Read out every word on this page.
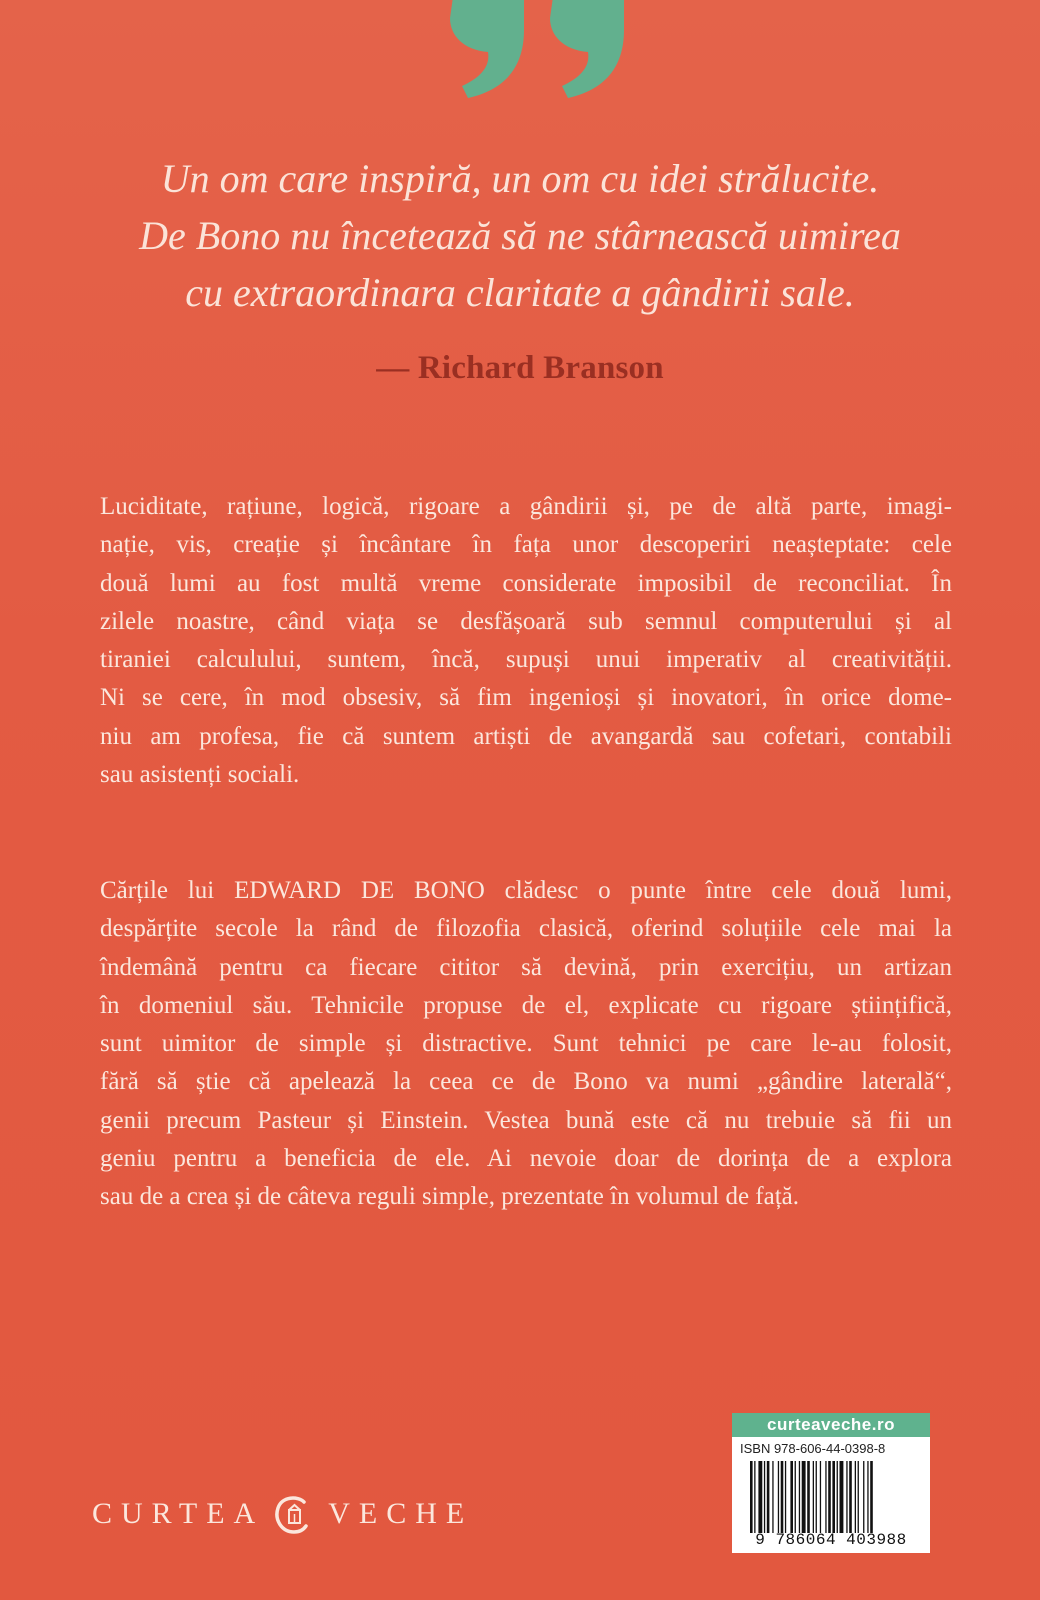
Un om care inspiră, un om cu idei strălucite.
De Bono nu încetează să ne stârnească uimirea
cu extraordinara claritate a gândirii sale.
— Richard Branson
Luciditate, rațiune, logică, rigoare a gândirii și, pe de altă parte, imagi-
nație, vis, creație și încântare în fața unor descoperiri neașteptate: cele
două lumi au fost multă vreme considerate imposibil de reconciliat. În
zilele noastre, când viața se desfășoară sub semnul computerului și al
tiraniei calculului, suntem, încă, supuși unui imperativ al creativității.
Ni se cere, în mod obsesiv, să fim ingenioși și inovatori, în orice dome-
niu am profesa, fie că suntem artiști de avangardă sau cofetari, contabili
sau asistenți sociali.
Cărțile lui EDWARD DE BONO clădesc o punte între cele două lumi,
despărțite secole la rând de filozofia clasică, oferind soluțiile cele mai la
îndemână pentru ca fiecare cititor să devină, prin exercițiu, un artizan
în domeniul său. Tehnicile propuse de el, explicate cu rigoare științifică,
sunt uimitor de simple și distractive. Sunt tehnici pe care le-au folosit,
fără să știe că apelează la ceea ce de Bono va numi „gândire laterală“,
genii precum Pasteur și Einstein. Vestea bună este că nu trebuie să fii un
geniu pentru a beneficia de ele. Ai nevoie doar de dorința de a explora
sau de a crea și de câteva reguli simple, prezentate în volumul de față.
CURTEA VECHE
curteaveche.ro
ISBN 978-606-44-0398-8
9 786064 403988
